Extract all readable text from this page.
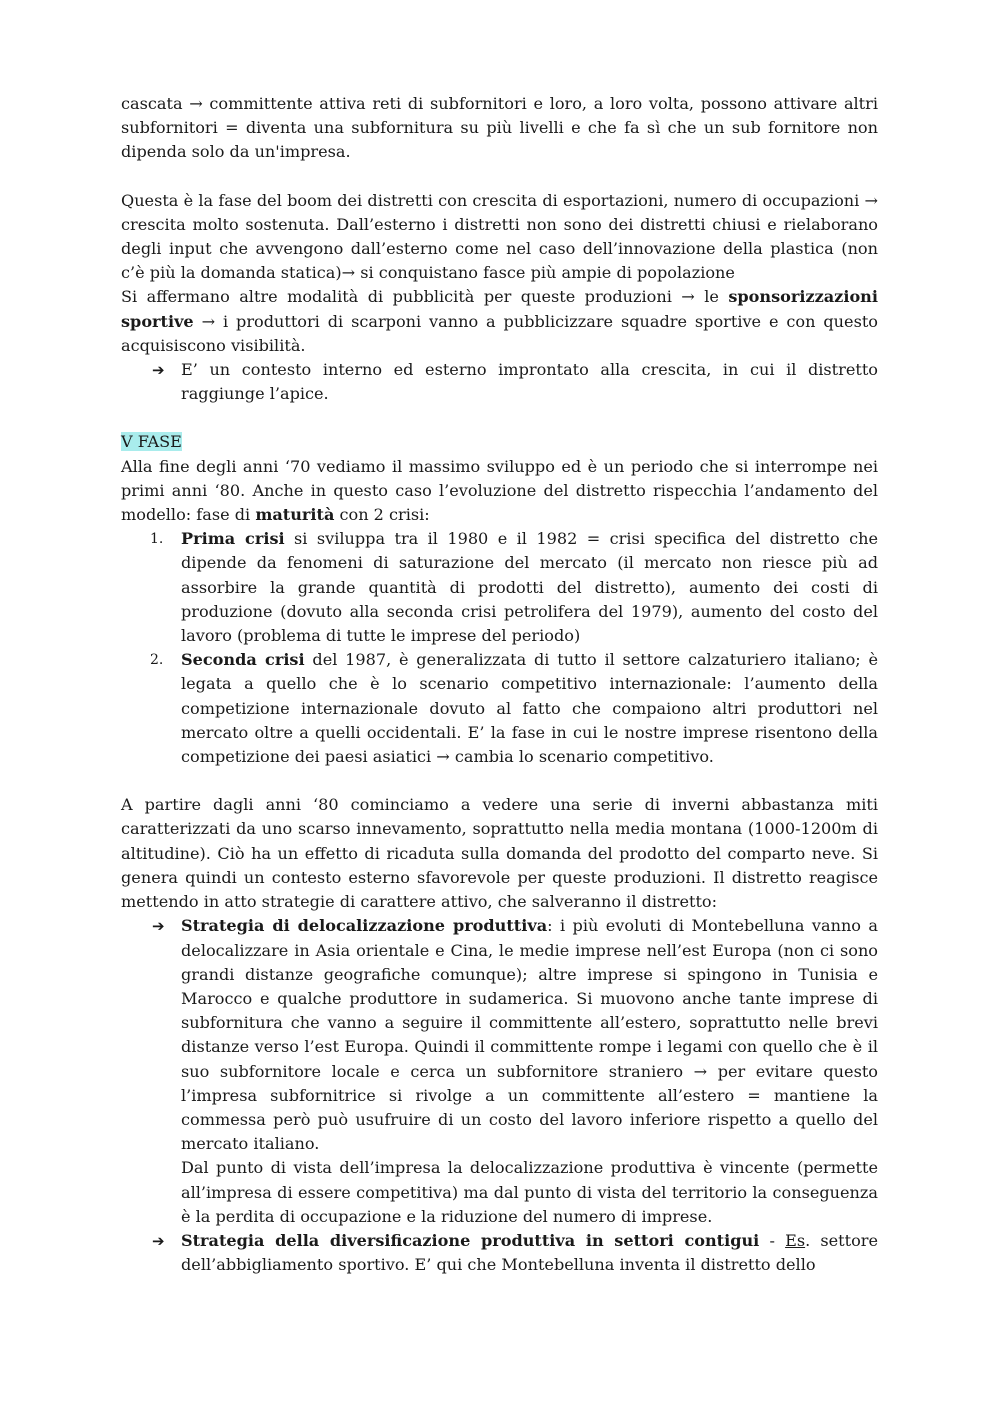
cascata → committente attiva reti di subfornitori e loro, a loro volta, possono attivare altri subfornitori = diventa una subfornitura su più livelli e che fa sì che un sub fornitore non dipenda solo da un'impresa.

Questa è la fase del boom dei distretti con crescita di esportazioni, numero di occupazioni → crescita molto sostenuta. Dall’esterno i distretti non sono dei distretti chiusi e rielaborano degli input che avvengono dall’esterno come nel caso dell’innovazione della plastica (non c’è più la domanda statica)→ si conquistano fasce più ampie di popolazione

Si affermano altre modalità di pubblicità per queste produzioni → le sponsorizzazioni sportive → i produttori di scarponi vanno a pubblicizzare squadre sportive e con questo acquisiscono visibilità.

➔ E’ un contesto interno ed esterno improntato alla crescita, in cui il distretto raggiunge l’apice.

V FASE

Alla fine degli anni ‘70 vediamo il massimo sviluppo ed è un periodo che si interrompe nei primi anni ‘80. Anche in questo caso l’evoluzione del distretto rispecchia l’andamento del modello: fase di maturità con 2 crisi:

1. Prima crisi si sviluppa tra il 1980 e il 1982 = crisi specifica del distretto che dipende da fenomeni di saturazione del mercato (il mercato non riesce più ad assorbire la grande quantità di prodotti del distretto), aumento dei costi di produzione (dovuto alla seconda crisi petrolifera del 1979), aumento del costo del lavoro (problema di tutte le imprese del periodo)
2. Seconda crisi del 1987, è generalizzata di tutto il settore calzaturiero italiano; è legata a quello che è lo scenario competitivo internazionale: l’aumento della competizione internazionale dovuto al fatto che compaiono altri produttori nel mercato oltre a quelli occidentali. E’ la fase in cui le nostre imprese risentono della competizione dei paesi asiatici → cambia lo scenario competitivo.

A partire dagli anni ‘80 cominciamo a vedere una serie di inverni abbastanza miti caratterizzati da uno scarso innevamento, soprattutto nella media montana (1000-1200m di altitudine). Ciò ha un effetto di ricaduta sulla domanda del prodotto del comparto neve. Si genera quindi un contesto esterno sfavorevole per queste produzioni. Il distretto reagisce mettendo in atto strategie di carattere attivo, che salveranno il distretto:

➔ Strategia di delocalizzazione produttiva: i più evoluti di Montebelluna vanno a delocalizzare in Asia orientale e Cina, le medie imprese nell’est Europa (non ci sono grandi distanze geografiche comunque); altre imprese si spingono in Tunisia e Marocco e qualche produttore in sudamerica. Si muovono anche tante imprese di subfornitura che vanno a seguire il committente all’estero, soprattutto nelle brevi distanze verso l’est Europa. Quindi il committente rompe i legami con quello che è il suo subfornitore locale e cerca un subfornitore straniero → per evitare questo l’impresa subfornitrice si rivolge a un committente all’estero = mantiene la commessa però può usufruire di un costo del lavoro inferiore rispetto a quello del mercato italiano.
Dal punto di vista dell’impresa la delocalizzazione produttiva è vincente (permette all’impresa di essere competitiva) ma dal punto di vista del territorio la conseguenza è la perdita di occupazione e la riduzione del numero di imprese.
➔ Strategia della diversificazione produttiva in settori contigui - Es. settore dell’abbigliamento sportivo. E’ qui che Montebelluna inventa il distretto dello
